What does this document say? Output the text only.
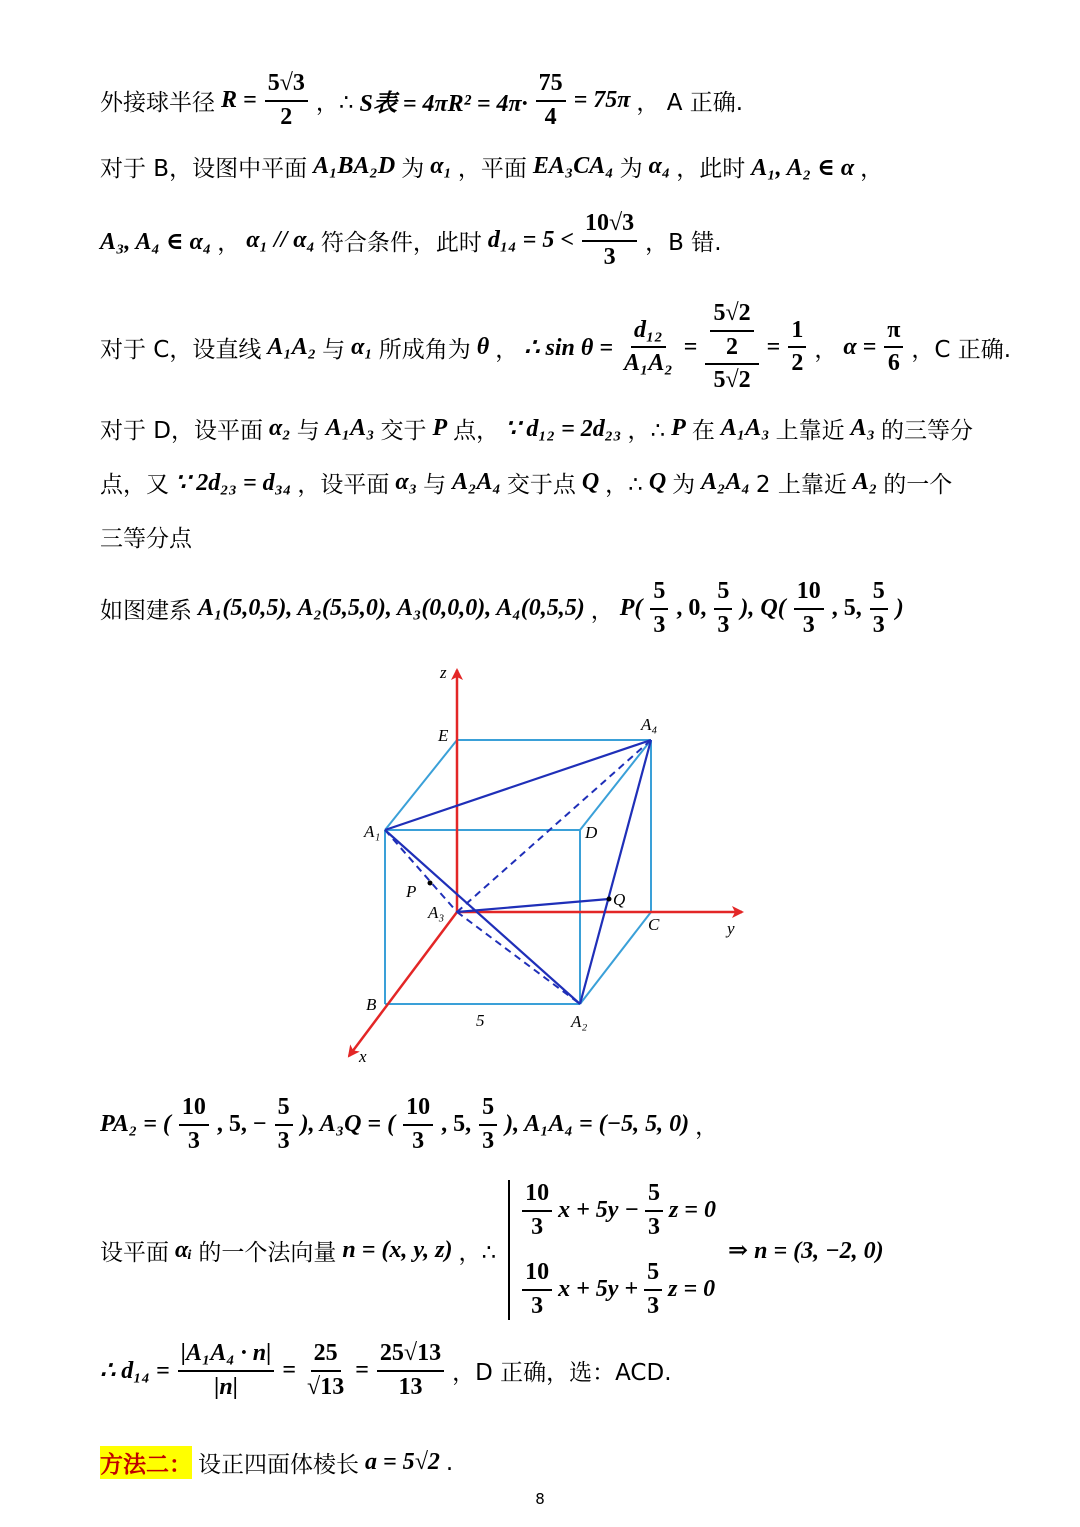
外接球半径 $R = \frac{5√3}{2}$ ，∴ S表 = $4\pi R^2 = 4\pi\cdot \frac{75}{4} = 75\pi$ ， A 正确.
对于 B，设图中平面 A₁BA₂D 为 α₁ ，平面 EA₃CA₄ 为 α₄ ，此时 A₁, A₂ ∈ α ，
A₃, A₄ ∈ α₄ ， α₁ // α₄ 符合条件，此时 $d_{14} = 5 < \frac{10√3}{3}$ ，B 错.
对于 C，设直线 A₁A₂ 与 α₁ 所成角为 θ ， ∴ $\sin \theta = \frac{\text{d₁₂}}{\text{A₁A₂}} = \frac{\frac{5√2}{2}}{5√2} = \frac{1}{2}$ ， $\alpha = \frac{\pi}{6}$ ，C 正确.
对于 D，设平面 α₂ 与 A₁A₃ 交于 P 点， ∵ d₁₂ = 2d₂₃ ，∴ P 在 A₁A₃ 上靠近 A₃ 的三等分
点，又 ∵ 2d₂₃ = d₃₄ ，设平面 α₃ 与 A₂A₄ 交于点 Q ，∴ Q 为 A₂A₄ 2 上靠近 A₂ 的一个
三等分点
如图建系 A₁(5,0,5), A₂(5,5,0), A₃(0,0,0), A₄(0,5,5) ， $P( \frac{5}{3}$ , 0, $\frac{5}{3}$ ), $Q( \frac{10}{3}$ , 5, $\frac{5}{3}$ )
z
y
x
E
A₄
A₁	D
P
A₃
Q
C
B
A₂
5
PA₂ = ( $\frac{10}{3}$ , 5, − $\frac{5}{3}$ ), A₃Q = ( $\frac{10}{3}$ , 5, $\frac{5}{3}$ ), A₁A₄ = (−5, 5, 0) ，
设平面 αᵢ 的一个法向量 n = (x, y, z) ，∴
$\frac{10}{3}$ $x + 5y - \frac{5}{3}$ z = 0
$\frac{10}{3}$ $x + 5y + \frac{5}{3}$ z = 0
⇒ n = (3, −2, 0)
∴ $d_{14} = \frac{\text{|A₁A₄ · n|}}{|n|} = \frac{25}{√13} = \frac{25√13}{13}$ ，D 正确，选：ACD.
方法二： 设正四面体棱长 a = 5√2 .
8
